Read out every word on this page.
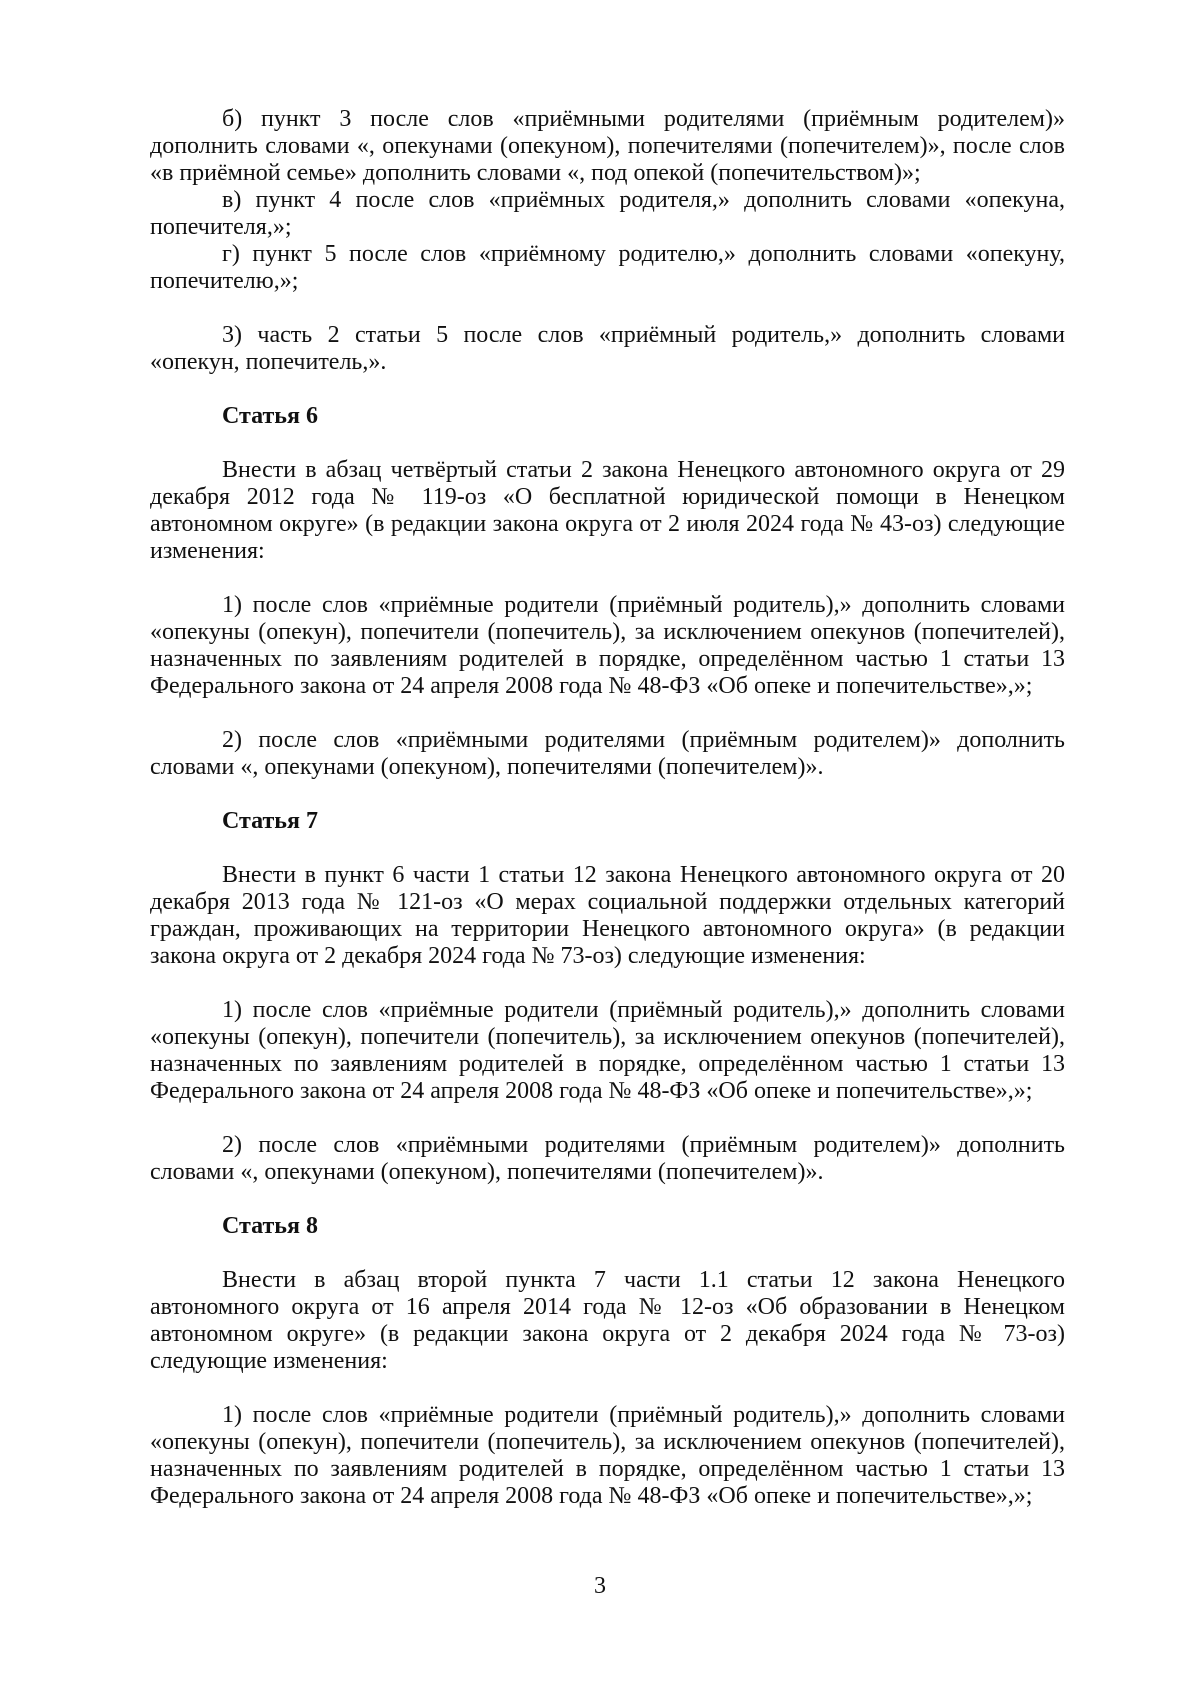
б) пункт 3 после слов «приёмными родителями (приёмным родителем)» дополнить словами «, опекунами (опекуном), попечителями (попечителем)», после слов «в приёмной семье» дополнить словами «, под опекой (попечительством)»;

в) пункт 4 после слов «приёмных родителя,» дополнить словами «опекуна, попечителя,»;

г) пункт 5 после слов «приёмному родителю,» дополнить словами «опекуну, попечителю,»;

3) часть 2 статьи 5 после слов «приёмный родитель,» дополнить словами «опекун, попечитель,».

Статья 6

Внести в абзац четвёртый статьи 2 закона Ненецкого автономного округа от 29 декабря 2012 года № 119-оз «О бесплатной юридической помощи в Ненецком автономном округе» (в редакции закона округа от 2 июля 2024 года № 43-оз) следующие изменения:

1) после слов «приёмные родители (приёмный родитель),» дополнить словами «опекуны (опекун), попечители (попечитель), за исключением опекунов (попечителей), назначенных по заявлениям родителей в порядке, определённом частью 1 статьи 13 Федерального закона от 24 апреля 2008 года № 48-ФЗ «Об опеке и попечительстве»,»;

2) после слов «приёмными родителями (приёмным родителем)» дополнить словами «, опекунами (опекуном), попечителями (попечителем)».

Статья 7

Внести в пункт 6 части 1 статьи 12 закона Ненецкого автономного округа от 20 декабря 2013 года № 121-оз «О мерах социальной поддержки отдельных категорий граждан, проживающих на территории Ненецкого автономного округа» (в редакции закона округа от 2 декабря 2024 года № 73-оз) следующие изменения:

1) после слов «приёмные родители (приёмный родитель),» дополнить словами «опекуны (опекун), попечители (попечитель), за исключением опекунов (попечителей), назначенных по заявлениям родителей в порядке, определённом частью 1 статьи 13 Федерального закона от 24 апреля 2008 года № 48-ФЗ «Об опеке и попечительстве»,»;

2) после слов «приёмными родителями (приёмным родителем)» дополнить словами «, опекунами (опекуном), попечителями (попечителем)».

Статья 8

Внести в абзац второй пункта 7 части 1.1 статьи 12 закона Ненецкого автономного округа от 16 апреля 2014 года № 12-оз «Об образовании в Ненецком автономном округе» (в редакции закона округа от 2 декабря 2024 года № 73-оз) следующие изменения:

1) после слов «приёмные родители (приёмный родитель),» дополнить словами «опекуны (опекун), попечители (попечитель), за исключением опекунов (попечителей), назначенных по заявлениям родителей в порядке, определённом частью 1 статьи 13 Федерального закона от 24 апреля 2008 года № 48-ФЗ «Об опеке и попечительстве»,»;

3
